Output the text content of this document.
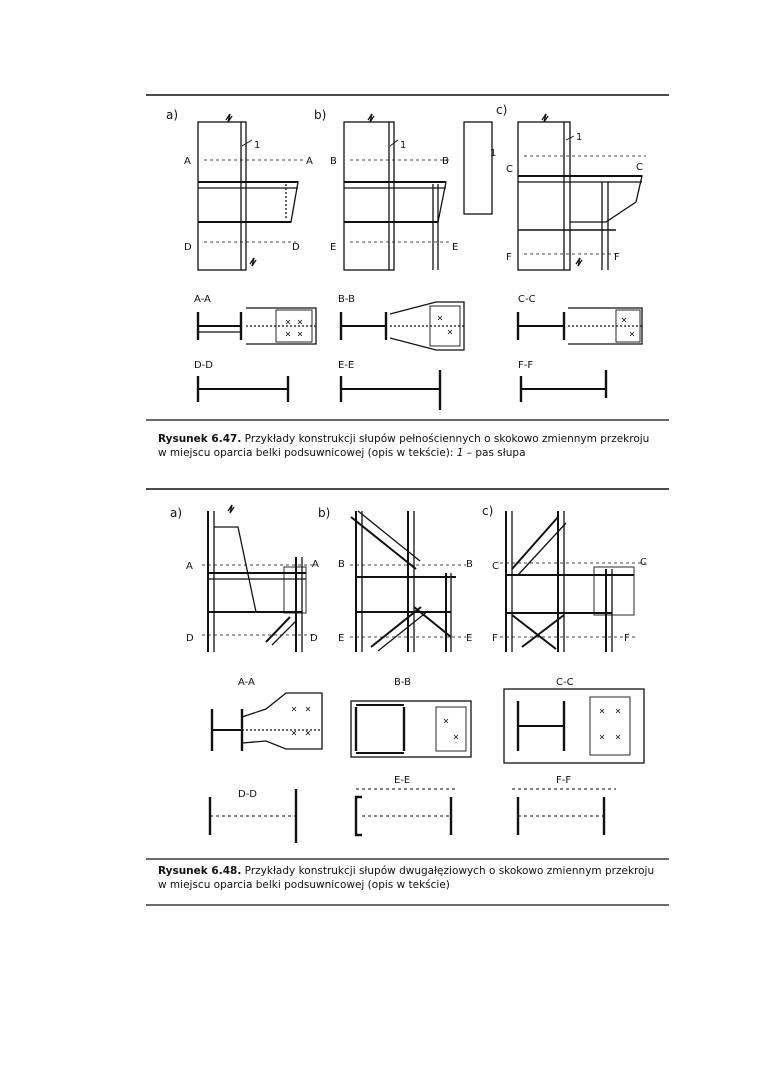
a)	b)	c)
A	A
D	D
B	B
E	E
C	C
F	F
1	1
1
1
A-A	B-B	C-C
D-D	E-E	F-F
Rysunek 6.47. Przykłady konstrukcji słupów pełnościennych o skokowo zmiennym przekroju
w miejscu oparcia belki podsuwnicowej (opis w tekście): 1 – pas słupa
a)	b)	c)
A	A
D	D
B	B
E	E
C	C
F	F
A-A	B-B	C-C
D-D
E-E	F-F
Rysunek 6.48. Przykłady konstrukcji słupów dwugałęziowych o skokowo zmiennym przekroju
w miejscu oparcia belki podsuwnicowej (opis w tekście)
